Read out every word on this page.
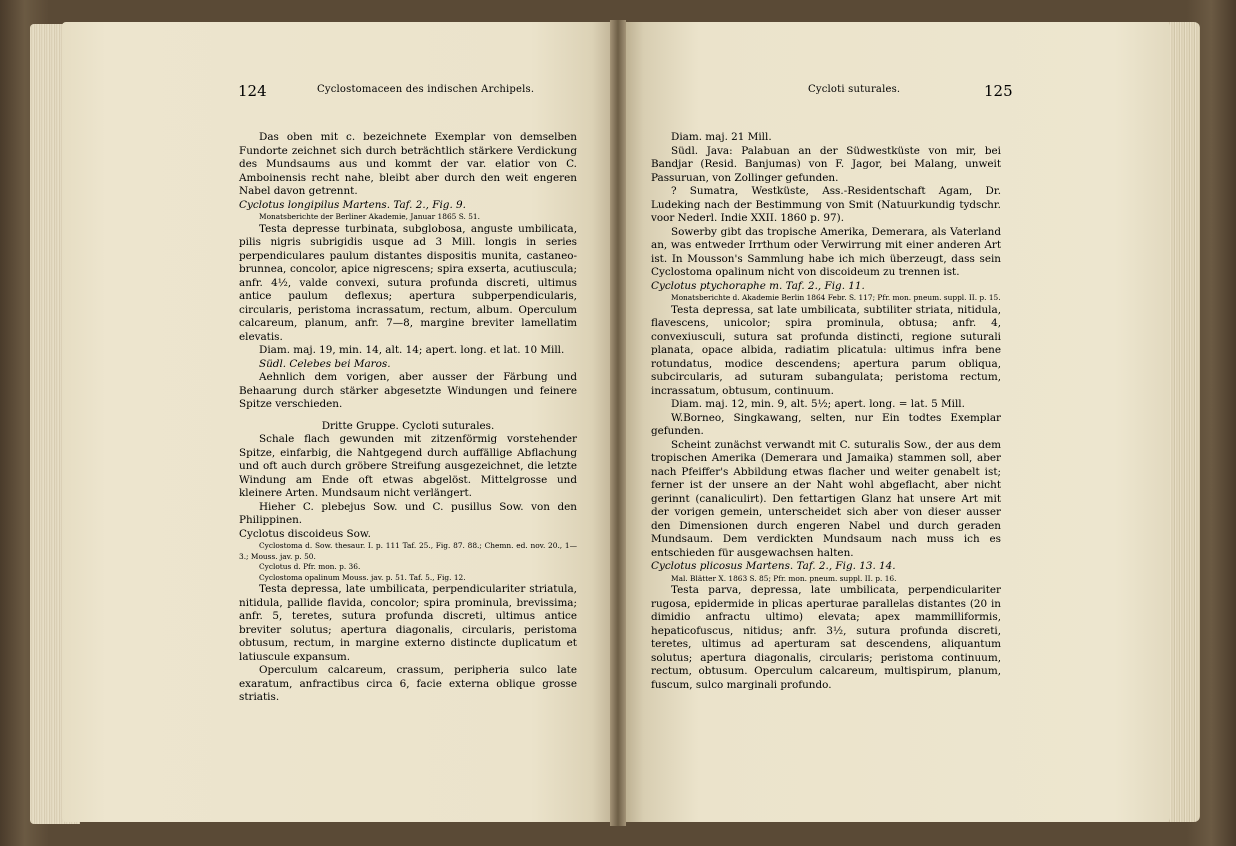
124	Cyclostomaceen des indischen Archipels.

Das oben mit c. bezeichnete Exemplar von demselben Fundorte zeichnet sich durch beträchtlich stärkere Verdickung des Mundsaums aus und kommt der var. elatior von C. Amboinensis recht nahe, bleibt aber durch den weit engeren Nabel davon getrennt.

Cyclotus longipilus Martens. Taf. 2., Fig. 9.

Monatsberichte der Berliner Akademie, Januar 1865 S. 51.

Testa depresse turbinata, subglobosa, anguste umbilicata, pilis nigris subrigidis usque ad 3 Mill. longis in series perpendiculares paulum distantes dispositis munita, castaneo-brunnea, concolor, apice nigrescens; spira exserta, acutiuscula; anfr. 4½, valde convexi, sutura profunda discreti, ultimus antice paulum deflexus; apertura subperpendicularis, circularis, peristoma incrassatum, rectum, album. Operculum calcareum, planum, anfr. 7—8, margine breviter lamellatim elevatis.

Diam. maj. 19, min. 14, alt. 14; apert. long. et lat. 10 Mill.

Südl. Celebes bei Maros.

Aehnlich dem vorigen, aber ausser der Färbung und Behaarung durch stärker abgesetzte Windungen und feinere Spitze verschieden.

Dritte Gruppe. Cycloti suturales.

Schale flach gewunden mit zitzenförmig vorstehender Spitze, einfarbig, die Nahtgegend durch auffällige Abflachung und oft auch durch gröbere Streifung ausgezeichnet, die letzte Windung am Ende oft etwas abgelöst. Mittelgrosse und kleinere Arten. Mundsaum nicht verlängert.

Hieher C. plebejus Sow. und C. pusillus Sow. von den Philippinen.

Cyclotus discoideus Sow.

Cyclostoma d. Sow. thesaur. I. p. 111 Taf. 25., Fig. 87. 88.; Chemn. ed. nov. 20., 1—3.; Mouss. jav. p. 50.

Cyclotus d. Pfr. mon. p. 36.

Cyclostoma opalinum Mouss. jav. p. 51. Taf. 5., Fig. 12.

Testa depressa, late umbilicata, perpendiculariter striatula, nitidula, pallide flavida, concolor; spira prominula, brevissima; anfr. 5, teretes, sutura profunda discreti, ultimus antice breviter solutus; apertura diagonalis, circularis, peristoma obtusum, rectum, in margine externo distincte duplicatum et latiuscule expansum.

Operculum calcareum, crassum, peripheria sulco late exaratum, anfractibus circa 6, facie externa oblique grosse striatis.

Cycloti suturales.	125

Diam. maj. 21 Mill.

Südl. Java: Palabuan an der Südwestküste von mir, bei Bandjar (Resid. Banjumas) von F. Jagor, bei Malang, unweit Passuruan, von Zollinger gefunden.

? Sumatra, Westküste, Ass.-Residentschaft Agam, Dr. Ludeking nach der Bestimmung von Smit (Natuurkundig tydschr. voor Nederl. Indie XXII. 1860 p. 97).

Sowerby gibt das tropische Amerika, Demerara, als Vaterland an, was entweder Irrthum oder Verwirrung mit einer anderen Art ist. In Mousson's Sammlung habe ich mich überzeugt, dass sein Cyclostoma opalinum nicht von discoideum zu trennen ist.

Cyclotus ptychoraphe m. Taf. 2., Fig. 11.

Monatsberichte d. Akademie Berlin 1864 Febr. S. 117; Pfr. mon. pneum. suppl. II. p. 15.

Testa depressa, sat late umbilicata, subtiliter striata, nitidula, flavescens, unicolor; spira prominula, obtusa; anfr. 4, convexiusculi, sutura sat profunda distincti, regione suturali planata, opace albida, radiatim plicatula: ultimus infra bene rotundatus, modice descendens; apertura parum obliqua, subcircularis, ad suturam subangulata; peristoma rectum, incrassatum, obtusum, continuum.

Diam. maj. 12, min. 9, alt. 5½; apert. long. = lat. 5 Mill.

W.Borneo, Singkawang, selten, nur Ein todtes Exemplar gefunden.

Scheint zunächst verwandt mit C. suturalis Sow., der aus dem tropischen Amerika (Demerara und Jamaika) stammen soll, aber nach Pfeiffer's Abbildung etwas flacher und weiter genabelt ist; ferner ist der unsere an der Naht wohl abgeflacht, aber nicht gerinnt (canaliculirt). Den fettartigen Glanz hat unsere Art mit der vorigen gemein, unterscheidet sich aber von dieser ausser den Dimensionen durch engeren Nabel und durch geraden Mundsaum. Dem verdickten Mundsaum nach muss ich es entschieden für ausgewachsen halten.

Cyclotus plicosus Martens. Taf. 2., Fig. 13. 14.

Mal. Blätter X. 1863 S. 85; Pfr. mon. pneum. suppl. II. p. 16.

Testa parva, depressa, late umbilicata, perpendiculariter rugosa, epidermide in plicas aperturae parallelas distantes (20 in dimidio anfractu ultimo) elevata; apex mammilliformis, hepaticofuscus, nitidus; anfr. 3½, sutura profunda discreti, teretes, ultimus ad aperturam sat descendens, aliquantum solutus; apertura diagonalis, circularis; peristoma continuum, rectum, obtusum. Operculum calcareum, multispirum, planum, fuscum, sulco marginali profundo.
